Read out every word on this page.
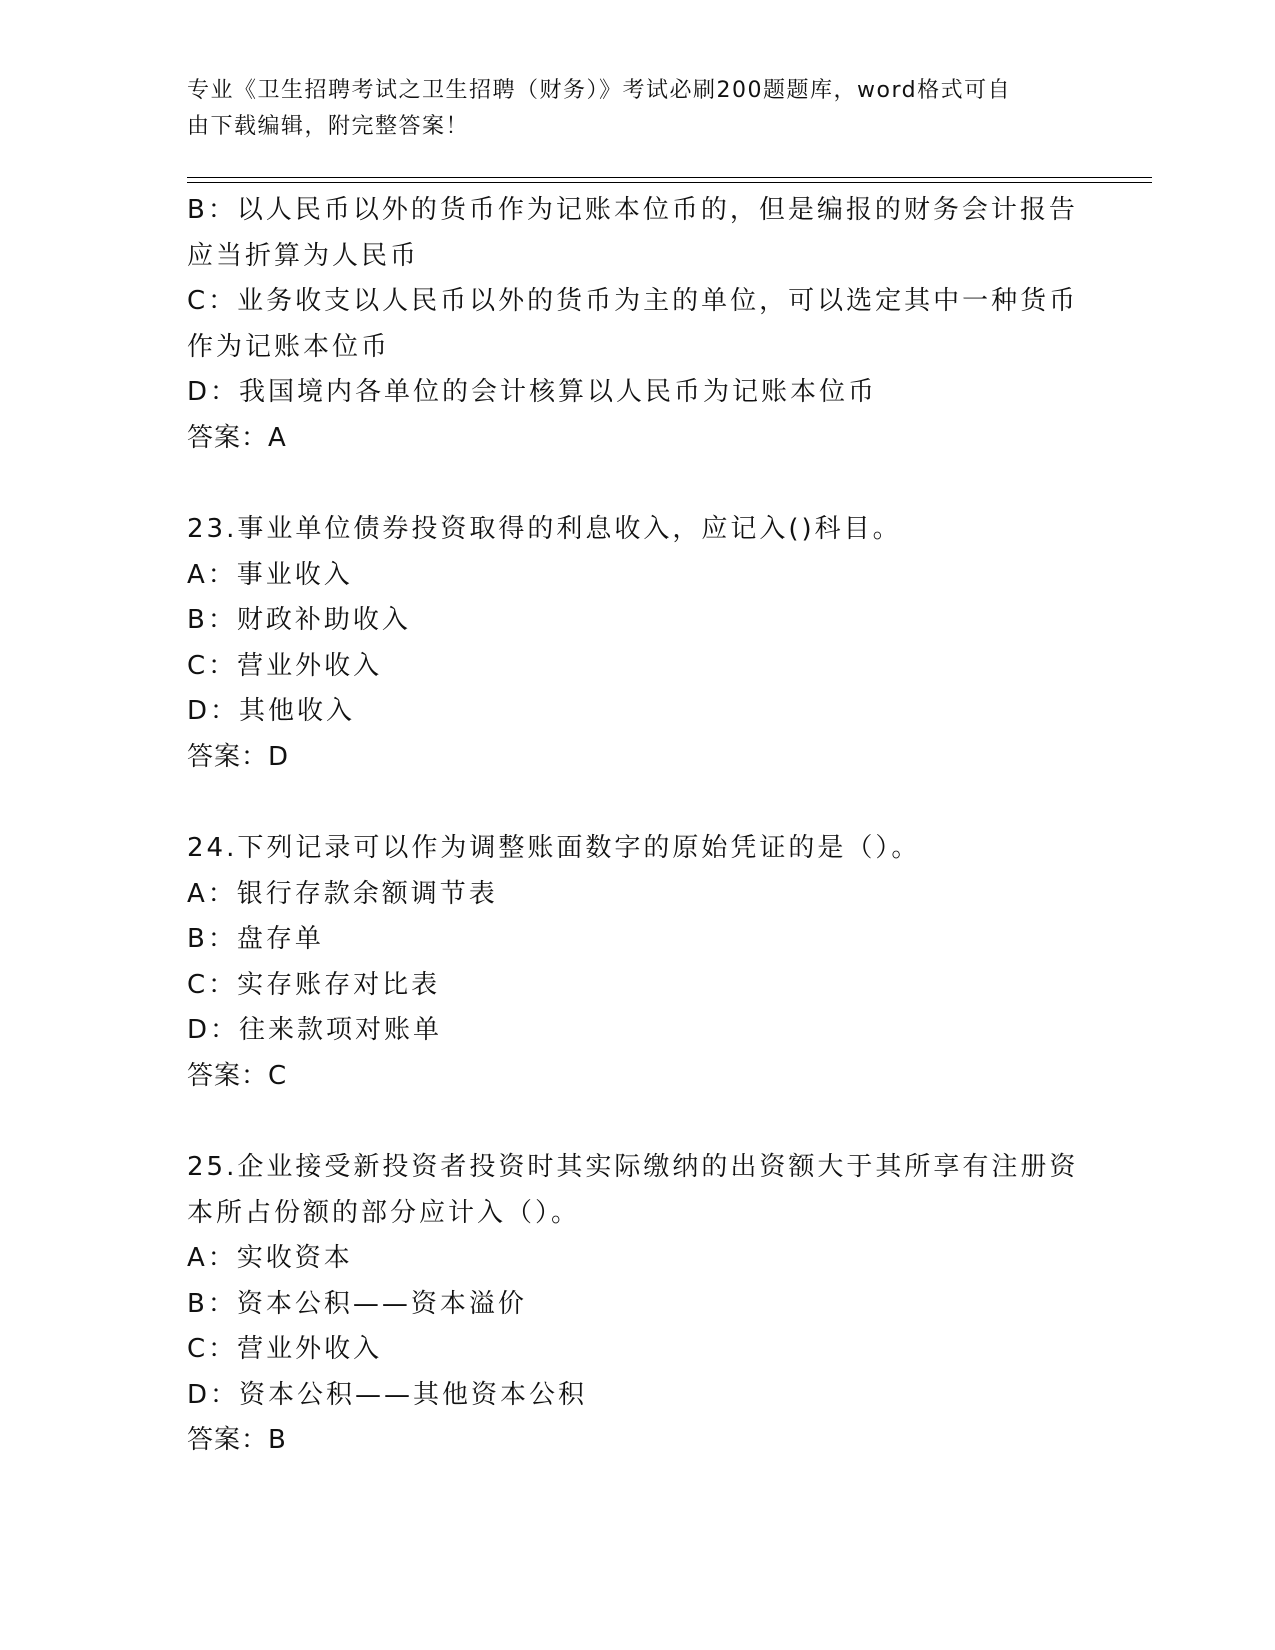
专业《卫生招聘考试之卫生招聘（财务）》考试必刷200题题库，word格式可自
由下载编辑，附完整答案！
B：以人民币以外的货币作为记账本位币的，但是编报的财务会计报告
应当折算为人民币
C：业务收支以人民币以外的货币为主的单位，可以选定其中一种货币
作为记账本位币
D：我国境内各单位的会计核算以人民币为记账本位币
答案：A
23.事业单位债券投资取得的利息收入，应记入()科目。
A：事业收入
B：财政补助收入
C：营业外收入
D：其他收入
答案：D
24.下列记录可以作为调整账面数字的原始凭证的是（）。
A：银行存款余额调节表
B：盘存单
C：实存账存对比表
D：往来款项对账单
答案：C
25.企业接受新投资者投资时其实际缴纳的出资额大于其所享有注册资
本所占份额的部分应计入（）。
A：实收资本
B：资本公积——资本溢价
C：营业外收入
D：资本公积——其他资本公积
答案：B
